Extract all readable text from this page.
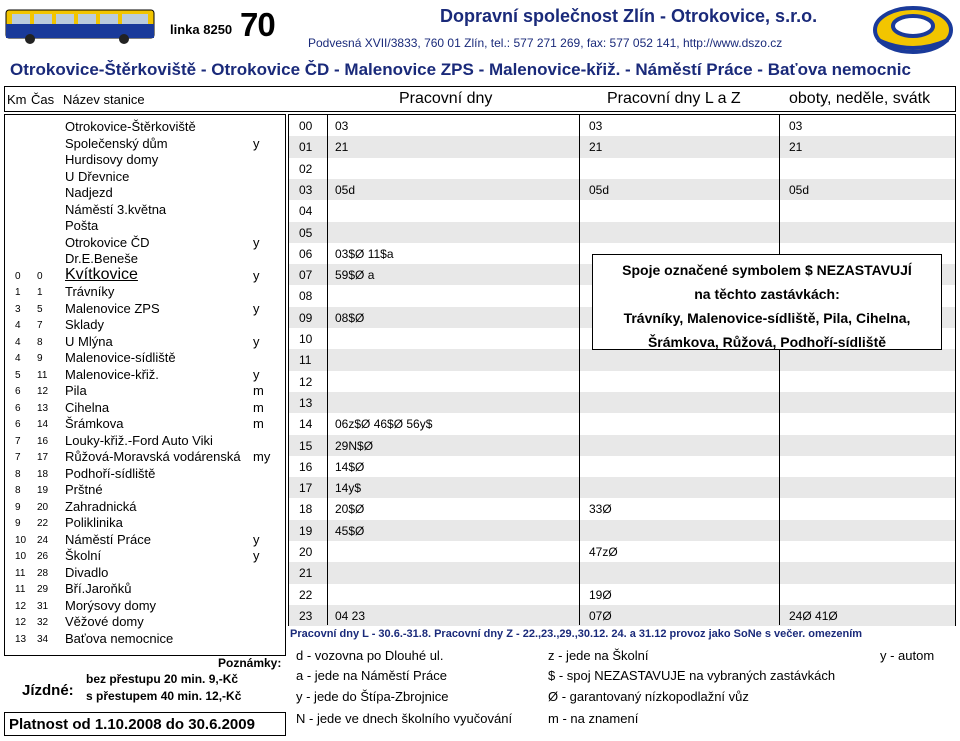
linka 8250 70	Dopravní společnost Zlín - Otrokovice, s.r.o.
Podvesná XVII/3833, 760 01 Zlín, tel.: 577 271 269, fax: 577 052 141, http://www.dszo.cz
Otrokovice-Štěrkoviště - Otrokovice ČD - Malenovice ZPS - Malenovice-křiž. - Náměstí Práce - Baťova nemocnic
Km Čas Název stanice	Pracovní dny	Pracovní dny L a Z	oboty, neděle, svátk
Otrokovice-Štěrkoviště
Společenský dům	y
Hurdisovy domy
U Dřevnice
Nadjezd
Náměstí 3.května
Pošta
Otrokovice ČD	y
Dr.E.Beneše
0 0 Kvítkovice	y
1 1 Trávníky
3 5 Malenovice ZPS	y
4 7 Sklady
4 8 U Mlýna	y
4 9 Malenovice-sídliště
5 11 Malenovice-křiž.	y
6 12 Pila	m
6 13 Cihelna	m
6 14 Šrámkova	m
7 16 Louky-křiž.-Ford Auto Viki
7 17 Růžová-Moravská vodárenská my
8 18 Podhoří-sídliště
8 19 Prštné
9 20 Zahradnická
9 22 Poliklinika
10 24 Náměstí Práce	y
10 26 Školní	y
11 28 Divadlo
11 29 Bří.Jaroňků
12 31 Morýsovy domy
12 32 Věžové domy
13 34 Baťova nemocnice
23 04 23	07Ø	24Ø 41Ø
22	19Ø
21
20	47zØ
19 45$Ø
18 20$Ø	33Ø
17 14y$
16 14$Ø
15 29N$Ø
14 06z$Ø 46$Ø 56y$
13
12
11
10
09 08$Ø
08
07 59$Ø a
06 03$Ø 11$a
05
04
03 05d	05d	05d
02
01 21	21	21
00 03	03	03
Spoje označené symbolem $ NEZASTAVUJÍ
na těchto zastávkách:
Trávníky, Malenovice-sídliště, Pila, Cihelna,
Šrámkova, Růžová, Podhoří-sídliště
Pracovní dny L - 30.6.-31.8. Pracovní dny Z - 22.,23.,29.,30.12. 24. a 31.12 provoz jako SoNe s večer. omezením
Poznámky:
Jízdné:
bez přestupu 20 min. 9,-Kč
s přestupem 40 min. 12,-Kč
Platnost od 1.10.2008 do 30.6.2009
d - vozovna po Dlouhé ul.
a - jede na Náměstí Práce
y - jede do Štípa-Zbrojnice
N - jede ve dnech školního vyučování
z - jede na Školní
$ - spoj NEZASTAVUJE na vybraných zastávkách
Ø - garantovaný nízkopodlažní vůz
m - na znamení
y - autom
